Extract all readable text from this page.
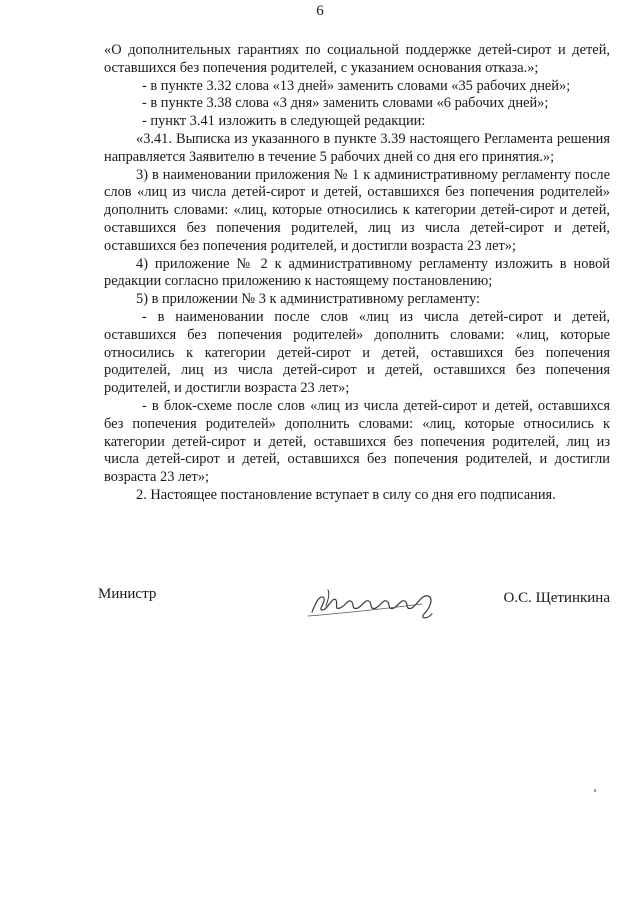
6

«О дополнительных гарантиях по социальной поддержке детей-сирот и детей, оставшихся без попечения родителей, с указанием основания отказа.»;

- в пункте 3.32 слова «13 дней» заменить словами «35 рабочих дней»;

- в пункте 3.38 слова «3 дня» заменить словами «6 рабочих дней»;

- пункт 3.41 изложить в следующей редакции:

«3.41. Выписка из указанного в пункте 3.39 настоящего Регламента решения направляется Заявителю в течение 5 рабочих дней со дня его принятия.»;

3) в наименовании приложения № 1 к административному регламенту после слов «лиц из числа детей-сирот и детей, оставшихся без попечения родителей» дополнить словами: «лиц, которые относились к категории детей-сирот и детей, оставшихся без попечения родителей, лиц из числа детей-сирот и детей, оставшихся без попечения родителей, и достигли возраста 23 лет»;

4) приложение № 2 к административному регламенту изложить в новой редакции согласно приложению к настоящему постановлению;

5) в приложении № 3 к административному регламенту:

- в наименовании после слов «лиц из числа детей-сирот и детей, оставшихся без попечения родителей» дополнить словами: «лиц, которые относились к категории детей-сирот и детей, оставшихся без попечения родителей, лиц из числа детей-сирот и детей, оставшихся без попечения родителей, и достигли возраста 23 лет»;

- в блок-схеме после слов «лиц из числа детей-сирот и детей, оставшихся без попечения родителей» дополнить словами: «лиц, которые относились к категории детей-сирот и детей, оставшихся без попечения родителей, лиц из числа детей-сирот и детей, оставшихся без попечения родителей, и достигли возраста 23 лет»;

2. Настоящее постановление вступает в силу со дня его подписания.

Министр	О.С. Щетинкина
